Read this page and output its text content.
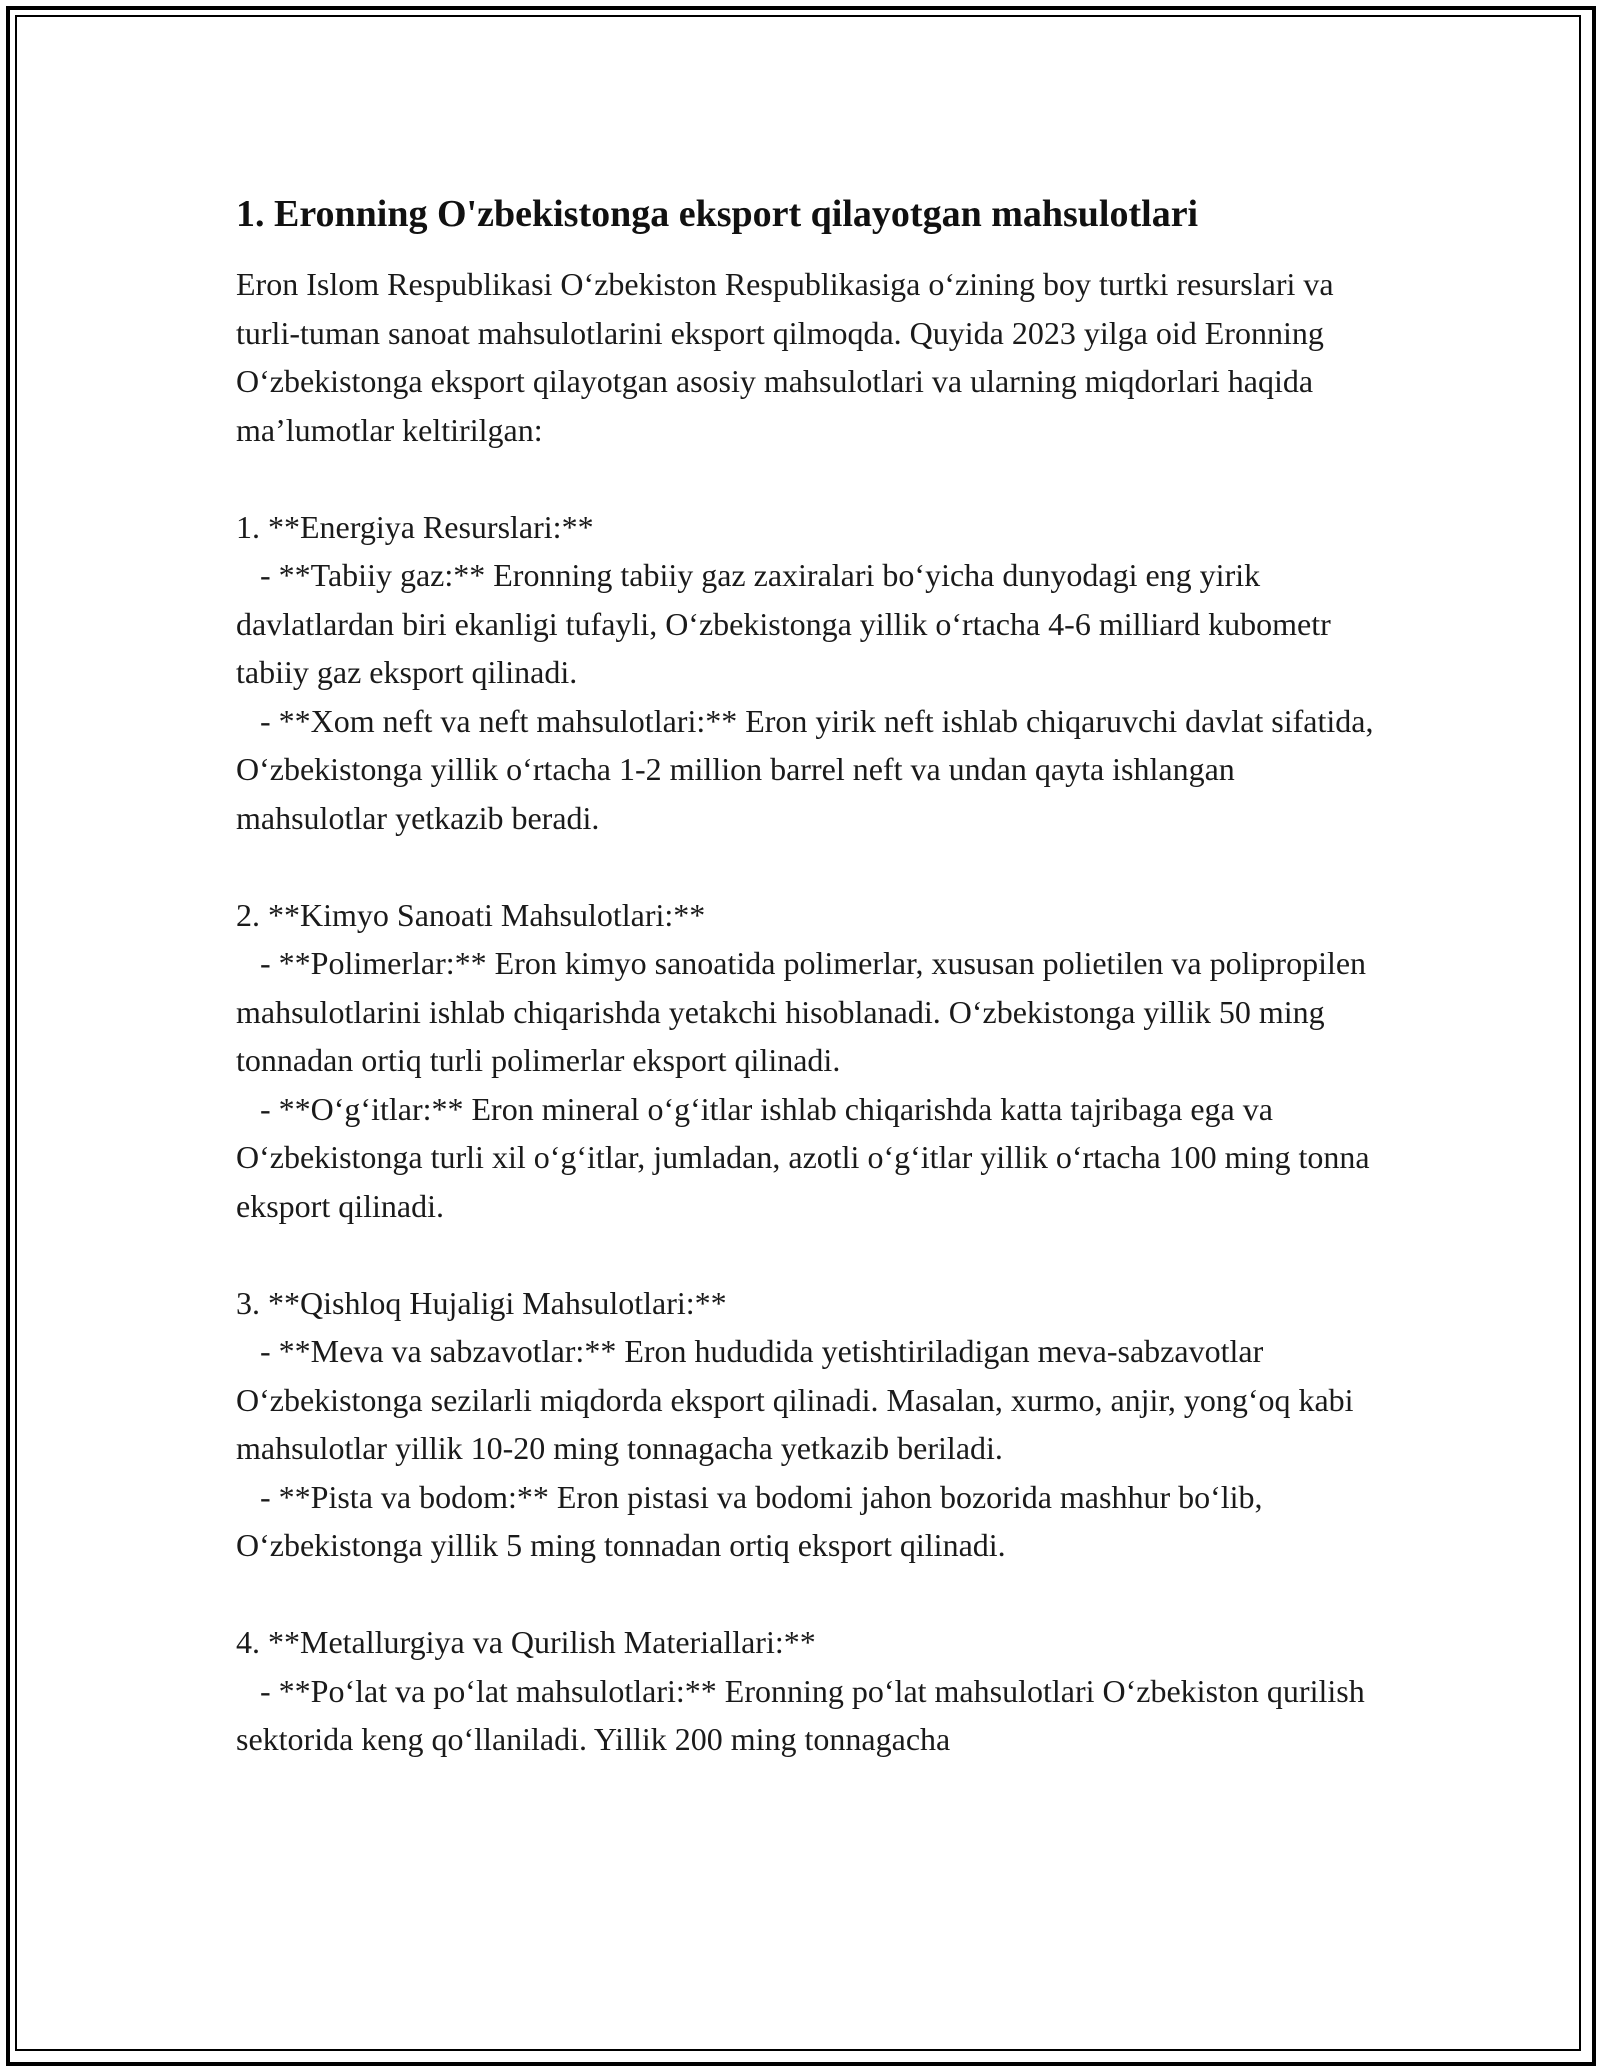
1. Eronning O'zbekistonga eksport qilayotgan mahsulotlari

Eron Islom Respublikasi O‘zbekiston Respublikasiga o‘zining boy turtki resurslari va turli-tuman sanoat mahsulotlarini eksport qilmoqda. Quyida 2023 yilga oid Eronning O‘zbekistonga eksport qilayotgan asosiy mahsulotlari va ularning miqdorlari haqida ma’lumotlar keltirilgan:

1. **Energiya Resurslari:**

- **Tabiiy gaz:** Eronning tabiiy gaz zaxiralari bo‘yicha dunyodagi eng yirik davlatlardan biri ekanligi tufayli, O‘zbekistonga yillik o‘rtacha 4-6 milliard kubometr tabiiy gaz eksport qilinadi.

- **Xom neft va neft mahsulotlari:** Eron yirik neft ishlab chiqaruvchi davlat sifatida, O‘zbekistonga yillik o‘rtacha 1-2 million barrel neft va undan qayta ishlangan mahsulotlar yetkazib beradi.

2. **Kimyo Sanoati Mahsulotlari:**

- **Polimerlar:** Eron kimyo sanoatida polimerlar, xususan polietilen va polipropilen mahsulotlarini ishlab chiqarishda yetakchi hisoblanadi. O‘zbekistonga yillik 50 ming tonnadan ortiq turli polimerlar eksport qilinadi.

- **O‘g‘itlar:** Eron mineral o‘g‘itlar ishlab chiqarishda katta tajribaga ega va O‘zbekistonga turli xil o‘g‘itlar, jumladan, azotli o‘g‘itlar yillik o‘rtacha 100 ming tonna eksport qilinadi.

3. **Qishloq Hujaligi Mahsulotlari:**

- **Meva va sabzavotlar:** Eron hududida yetishtiriladigan meva-sabzavotlar O‘zbekistonga sezilarli miqdorda eksport qilinadi. Masalan, xurmo, anjir, yong‘oq kabi mahsulotlar yillik 10-20 ming tonnagacha yetkazib beriladi.

- **Pista va bodom:** Eron pistasi va bodomi jahon bozorida mashhur bo‘lib, O‘zbekistonga yillik 5 ming tonnadan ortiq eksport qilinadi.

4. **Metallurgiya va Qurilish Materiallari:**

- **Po‘lat va po‘lat mahsulotlari:** Eronning po‘lat mahsulotlari O‘zbekiston qurilish sektorida keng qo‘llaniladi. Yillik 200 ming tonnagacha
